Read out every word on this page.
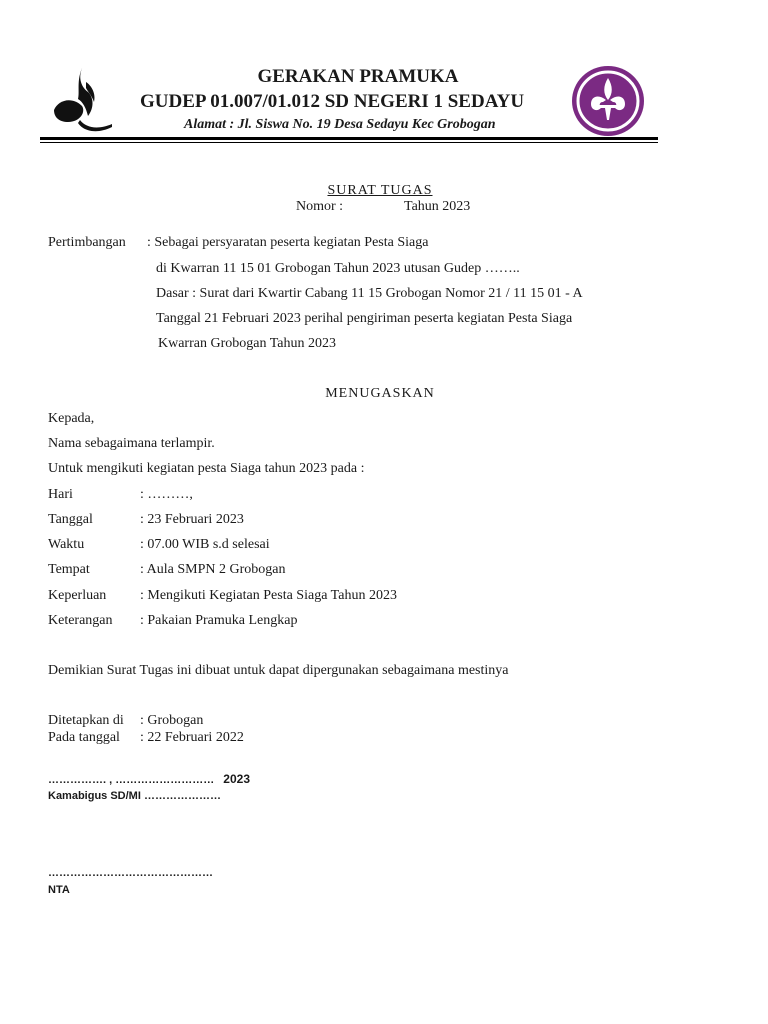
GERAKAN PRAMUKA
GUDEP 01.007/01.012 SD NEGERI 1 SEDAYU
Alamat : Jl. Siswa No. 19 Desa Sedayu Kec Grobogan
SURAT TUGAS
Nomor :	Tahun 2023
Pertimbangan : Sebagai persyaratan peserta kegiatan Pesta Siaga
di Kwarran 11 15 01 Grobogan Tahun 2023 utusan Gudep ……..
Dasar : Surat dari Kwartir Cabang 11 15 Grobogan Nomor 21 / 11 15 01 - A
Tanggal 21 Februari 2023 perihal pengiriman peserta kegiatan Pesta Siaga
Kwarran Grobogan Tahun 2023
MENUGASKAN
Kepada,
Nama sebagaimana terlampir.
Untuk mengikuti kegiatan pesta Siaga tahun 2023 pada :
Hari	: ………,
Tanggal	: 23 Februari 2023
Waktu	: 07.00 WIB s.d selesai
Tempat	: Aula SMPN 2 Grobogan
Keperluan : Mengikuti Kegiatan Pesta Siaga Tahun 2023
Keterangan : Pakaian Pramuka Lengkap
Demikian Surat Tugas ini dibuat untuk dapat dipergunakan sebagaimana mestinya
Ditetapkan di : Grobogan
Pada tanggal : 22 Februari 2022
……………. , ……………………… 2023
Kamabigus SD/MI …………………
………………………………………
NTA
